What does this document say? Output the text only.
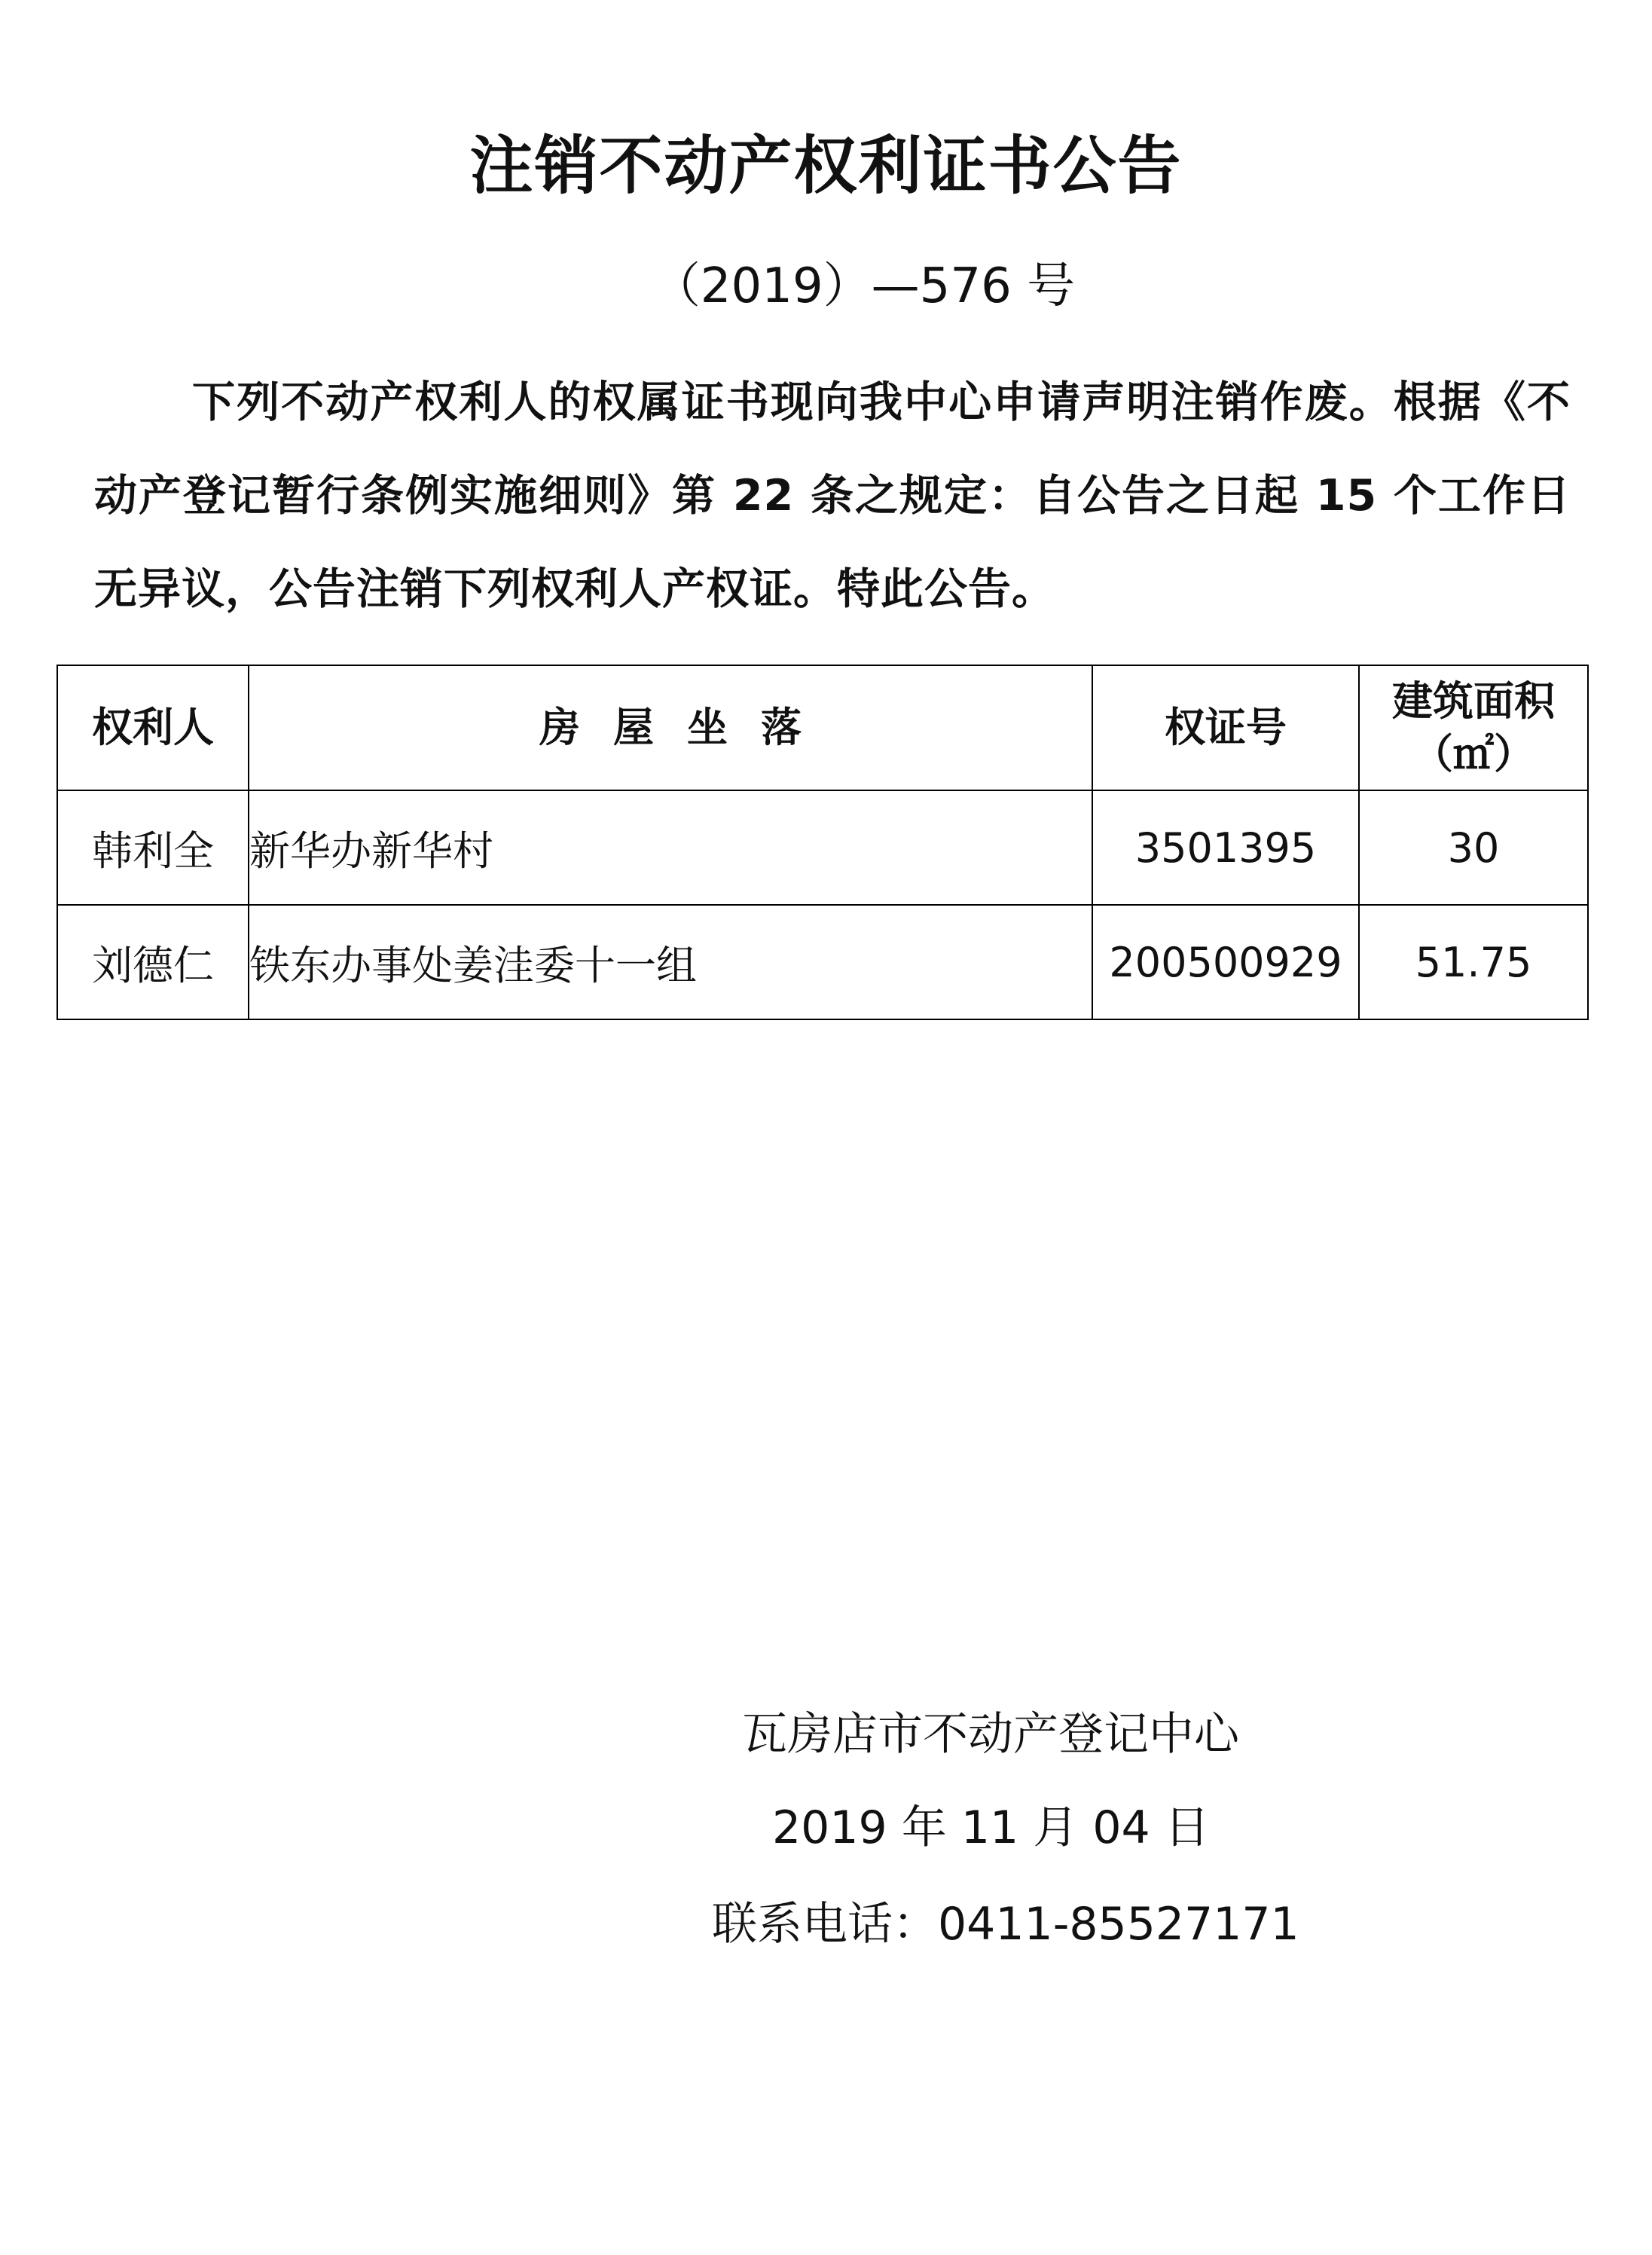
注销不动产权利证书公告
（2019）—576 号
下列不动产权利人的权属证书现向我中心申请声明注销作废。根据《不动产登记暂行条例实施细则》第 22 条之规定：自公告之日起 15 个工作日无异议，公告注销下列权利人产权证。特此公告。
权利人	房屋坐落	权证号	建筑面积
（㎡）

韩利全	新华办新华村	3501395	30
刘德仁	铁东办事处姜洼委十一组	200500929	51.75
瓦房店市不动产登记中心
2019 年 11 月 04 日
联系电话：0411-85527171
